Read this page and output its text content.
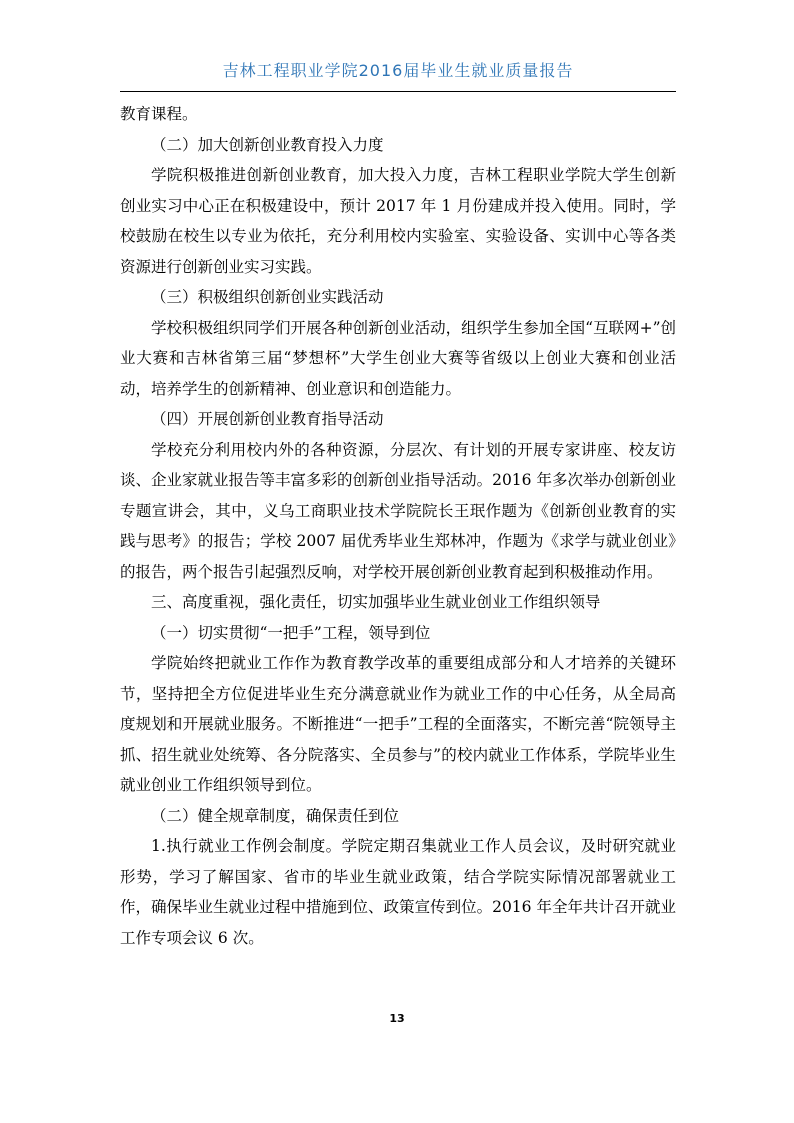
吉林工程职业学院2016届毕业生就业质量报告

教育课程。

（二）加大创新创业教育投入力度

学院积极推进创新创业教育，加大投入力度，吉林工程职业学院大学生创新创业实习中心正在积极建设中，预计 2017 年 1 月份建成并投入使用。同时，学校鼓励在校生以专业为依托，充分利用校内实验室、实验设备、实训中心等各类资源进行创新创业实习实践。

（三）积极组织创新创业实践活动

学校积极组织同学们开展各种创新创业活动，组织学生参加全国“互联网+”创业大赛和吉林省第三届“梦想杯”大学生创业大赛等省级以上创业大赛和创业活动，培养学生的创新精神、创业意识和创造能力。

（四）开展创新创业教育指导活动

学校充分利用校内外的各种资源，分层次、有计划的开展专家讲座、校友访谈、企业家就业报告等丰富多彩的创新创业指导活动。2016 年多次举办创新创业专题宣讲会，其中，义乌工商职业技术学院院长王珉作题为《创新创业教育的实践与思考》的报告；学校 2007 届优秀毕业生郑林冲，作题为《求学与就业创业》的报告，两个报告引起强烈反响，对学校开展创新创业教育起到积极推动作用。

三、高度重视，强化责任，切实加强毕业生就业创业工作组织领导

（一）切实贯彻“一把手”工程，领导到位

学院始终把就业工作作为教育教学改革的重要组成部分和人才培养的关键环节，坚持把全方位促进毕业生充分满意就业作为就业工作的中心任务，从全局高度规划和开展就业服务。不断推进“一把手”工程的全面落实，不断完善“院领导主抓、招生就业处统筹、各分院落实、全员参与”的校内就业工作体系，学院毕业生就业创业工作组织领导到位。

（二）健全规章制度，确保责任到位

1.执行就业工作例会制度。学院定期召集就业工作人员会议，及时研究就业形势，学习了解国家、省市的毕业生就业政策，结合学院实际情况部署就业工作，确保毕业生就业过程中措施到位、政策宣传到位。2016 年全年共计召开就业工作专项会议 6 次。

13
